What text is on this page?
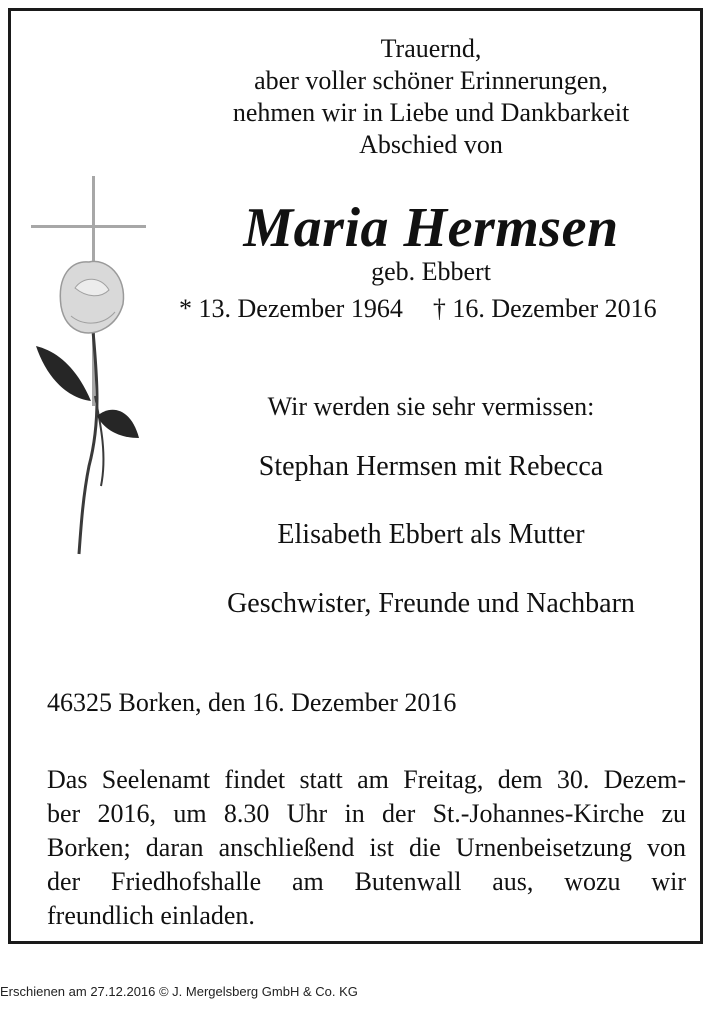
Trauernd,
aber voller schöner Erinnerungen,
nehmen wir in Liebe und Dankbarkeit
Abschied von
Maria Hermsen
geb. Ebbert
* 13. Dezember 1964 † 16. Dezember 2016
Wir werden sie sehr vermissen:
Stephan Hermsen mit Rebecca
Elisabeth Ebbert als Mutter
Geschwister, Freunde und Nachbarn
46325 Borken, den 16. Dezember 2016
Das Seelenamt findet statt am Freitag, dem 30. Dezem-
ber 2016, um 8.30 Uhr in der St.-Johannes-Kirche zu
Borken; daran anschließend ist die Urnenbeisetzung von
der Friedhofshalle am Butenwall aus, wozu wir
freundlich einladen.
Erschienen am 27.12.2016 © J. Mergelsberg GmbH & Co. KG
